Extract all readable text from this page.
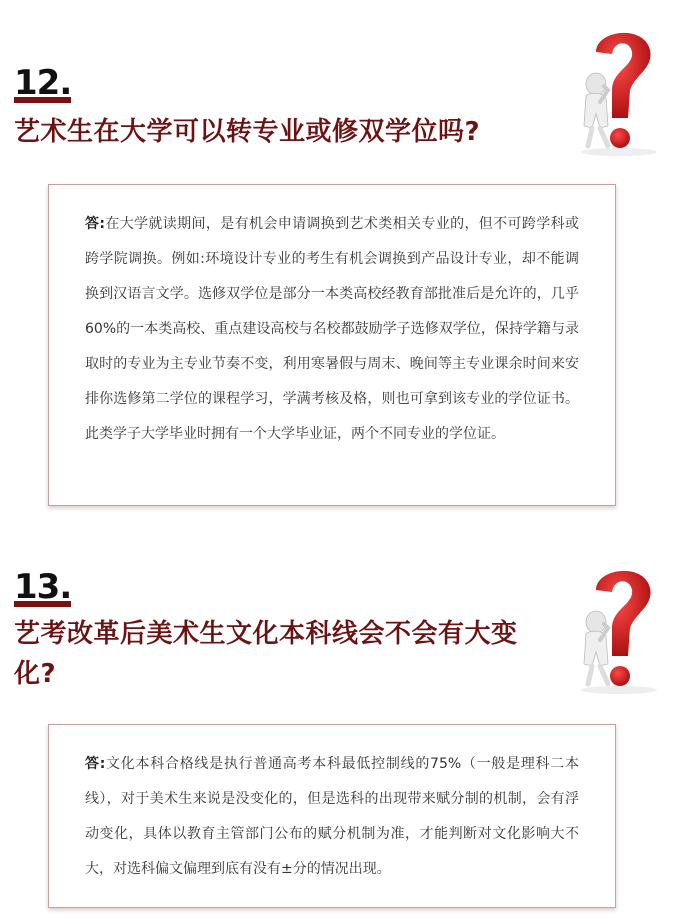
12.
艺术生在大学可以转专业或修双学位吗?
答:在大学就读期间，是有机会申请调换到艺术类相关专业的，但不可跨学科或跨学院调换。例如:环境设计专业的考生有机会调换到产品设计专业，却不能调换到汉语言文学。选修双学位是部分一本类高校经教育部批准后是允许的，几乎60%的一本类高校、重点建设高校与名校都鼓励学子选修双学位，保持学籍与录取时的专业为主专业节奏不变，利用寒暑假与周末、晚间等主专业课余时间来安排你选修第二学位的课程学习，学满考核及格，则也可拿到该专业的学位证书。此类学子大学毕业时拥有一个大学毕业证，两个不同专业的学位证。
13.
艺考改革后美术生文化本科线会不会有大变化?
答:文化本科合格线是执行普通高考本科最低控制线的75%（一般是理科二本线），对于美术生来说是没变化的，但是选科的出现带来赋分制的机制，会有浮动变化，具体以教育主管部门公布的赋分机制为准，才能判断对文化影响大不大，对选科偏文偏理到底有没有±分的情况出现。
